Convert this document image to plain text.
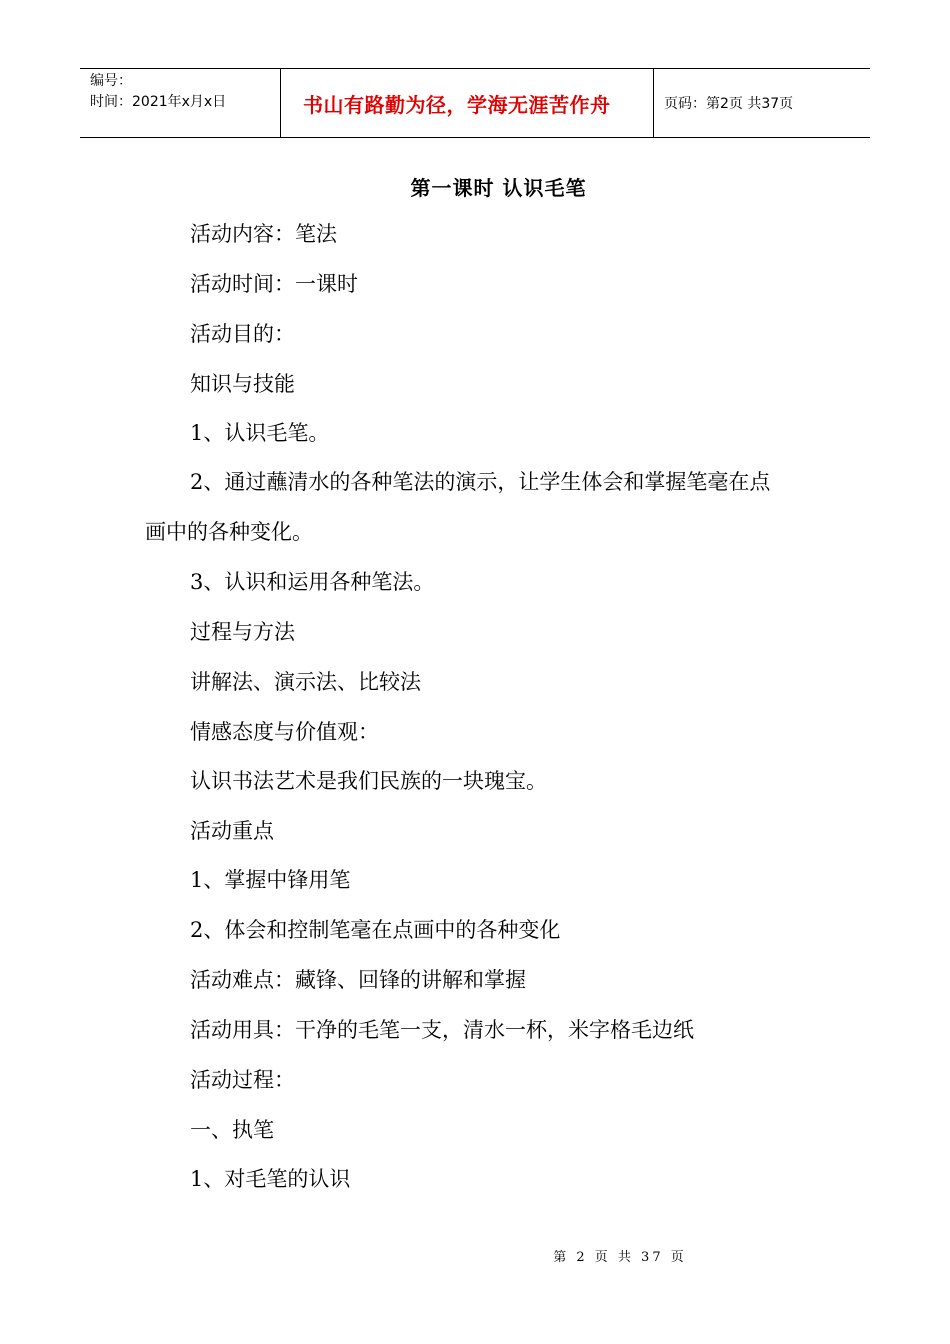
编号：
时间：2021年x月x日	书山有路勤为径，学海无涯苦作舟	页码：第2页 共37页
第一课时 认识毛笔
活动内容：笔法
活动时间：一课时
活动目的：
知识与技能
1、认识毛笔。
2、通过蘸清水的各种笔法的演示，让学生体会和掌握笔毫在点
画中的各种变化。
3、认识和运用各种笔法。
过程与方法
讲解法、演示法、比较法
情感态度与价值观：
认识书法艺术是我们民族的一块瑰宝。
活动重点
1、掌握中锋用笔
2、体会和控制笔毫在点画中的各种变化
活动难点：藏锋、回锋的讲解和掌握
活动用具：干净的毛笔一支，清水一杯，米字格毛边纸
活动过程：
一、执笔
1、对毛笔的认识
第 2 页 共 37 页
